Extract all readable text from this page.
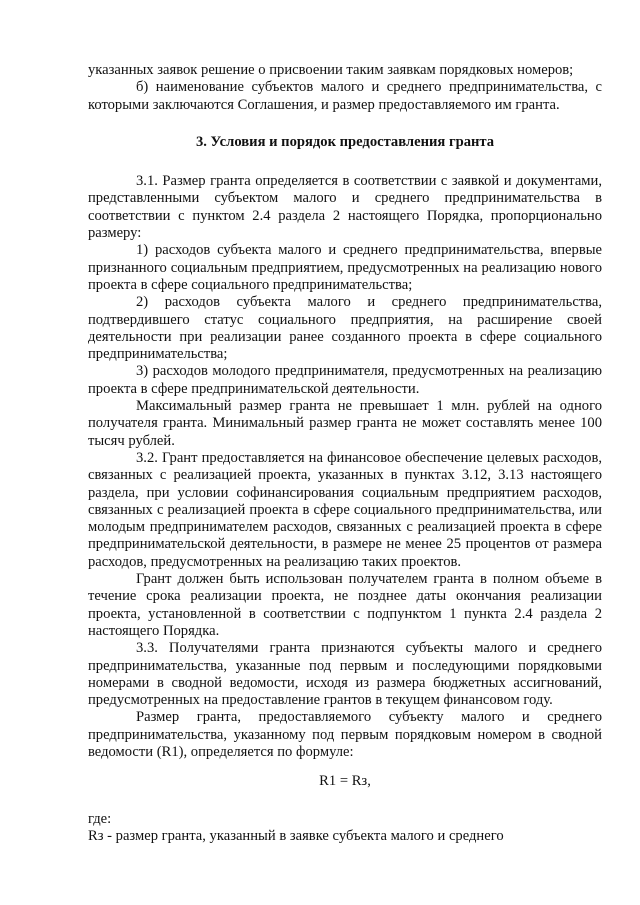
указанных заявок решение о присвоении таким заявкам порядковых номеров;

б) наименование субъектов малого и среднего предпринимательства, с которыми заключаются Соглашения, и размер предоставляемого им гранта.

3. Условия и порядок предоставления гранта

3.1. Размер гранта определяется в соответствии с заявкой и документами, представленными субъектом малого и среднего предпринимательства в соответствии с пунктом 2.4 раздела 2 настоящего Порядка, пропорционально размеру:

1) расходов субъекта малого и среднего предпринимательства, впервые признанного социальным предприятием, предусмотренных на реализацию нового проекта в сфере социального предпринимательства;

2) расходов субъекта малого и среднего предпринимательства, подтвердившего статус социального предприятия, на расширение своей деятельности при реализации ранее созданного проекта в сфере социального предпринимательства;

3) расходов молодого предпринимателя, предусмотренных на реализацию проекта в сфере предпринимательской деятельности.

Максимальный размер гранта не превышает 1 млн. рублей на одного получателя гранта. Минимальный размер гранта не может составлять менее 100 тысяч рублей.

3.2. Грант предоставляется на финансовое обеспечение целевых расходов, связанных с реализацией проекта, указанных в пунктах 3.12, 3.13 настоящего раздела, при условии софинансирования социальным предприятием расходов, связанных с реализацией проекта в сфере социального предпринимательства, или молодым предпринимателем расходов, связанных с реализацией проекта в сфере предпринимательской деятельности, в размере не менее 25 процентов от размера расходов, предусмотренных на реализацию таких проектов.

Грант должен быть использован получателем гранта в полном объеме в течение срока реализации проекта, не позднее даты окончания реализации проекта, установленной в соответствии с подпунктом 1 пункта 2.4 раздела 2 настоящего Порядка.

3.3. Получателями гранта признаются субъекты малого и среднего предпринимательства, указанные под первым и последующими порядковыми номерами в сводной ведомости, исходя из размера бюджетных ассигнований, предусмотренных на предоставление грантов в текущем финансовом году.

Размер гранта, предоставляемого субъекту малого и среднего предпринимательства, указанному под первым порядковым номером в сводной ведомости (R1), определяется по формуле:

R1 = Rз,

где:

Rз - размер гранта, указанный в заявке субъекта малого и среднего
